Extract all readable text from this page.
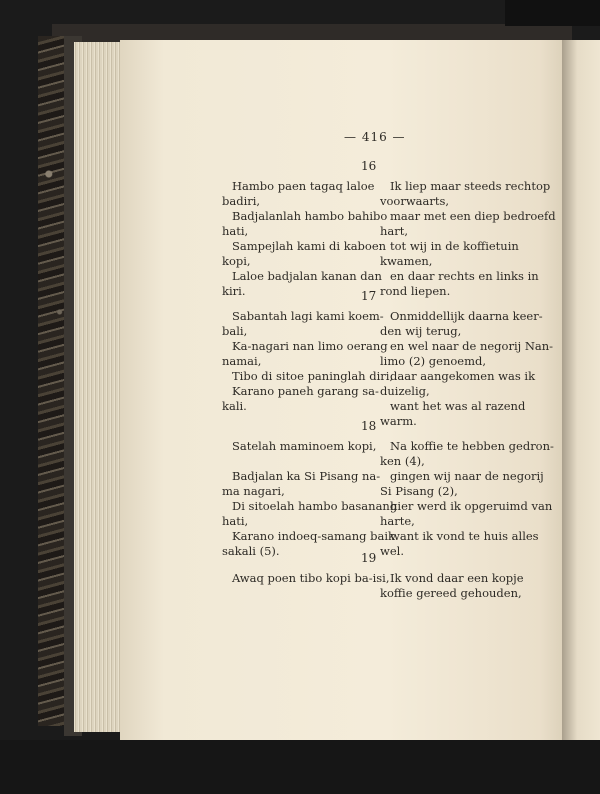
— 416 —
16
Hambo paen tagaq laloe
badiri,
Badjalanlah hambo bahibo
hati,
Sampejlah kami di kaboen
kopi,
Laloe badjalan kanan dan
kiri.
Ik liep maar steeds rechtop
voorwaarts,
maar met een diep bedroefd
hart,
tot wij in de koffietuin
kwamen,
en daar rechts en links in
rond liepen.
17
Sabantah lagi kami koem-
bali,
Ka-nagari nan limo oerang
namai,
Tibo di sitoe paninglah diri,
Karano paneh garang sa-
kali.
Onmiddellijk daarna keer-
den wij terug,
en wel naar de negorij Nan-
limo (2) genoemd,
daar aangekomen was ik
duizelig,
want het was al razend
warm.
18
Satelah maminoem kopi,
Badjalan ka Si Pisang na-
ma nagari,
Di sitoelah hambo basanang
hati,
Karano indoeq-samang baik
sakali (5).
Na koffie te hebben gedron-
ken (4),
gingen wij naar de negorij
Si Pisang (2),
hier werd ik opgeruimd van
harte,
want ik vond te huis alles
wel.
19
Awaq poen tibo kopi ba-isi, Ik vond daar een kopje
koffie gereed gehouden,
